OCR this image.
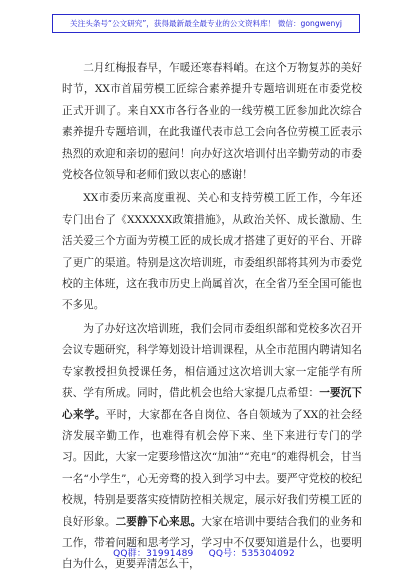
关注头条号“公文研究”，获得最新最全最专业的公文资料库！ 微信：gongwenyj

二月红梅报春早，乍暖还寒春料峭。在这个万物复苏的美好时节，XX市首届劳模工匠综合素养提升专题培训班在市委党校正式开训了。来自XX市各行各业的一线劳模工匠参加此次综合素养提升专题培训，在此我谨代表市总工会向各位劳模工匠表示热烈的欢迎和亲切的慰问！向办好这次培训付出辛勤劳动的市委党校各位领导和老师们致以衷心的感谢！

XX市委历来高度重视、关心和支持劳模工匠工作，今年还专门出台了《XXXXXX政策措施》，从政治关怀、成长激励、生活关爱三个方面为劳模工匠的成长成才搭建了更好的平台、开辟了更广的渠道。特别是这次培训班，市委组织部将其列为市委党校的主体班，这在我市历史上尚属首次，在全省乃至全国可能也不多见。

为了办好这次培训班，我们会同市委组织部和党校多次召开会议专题研究，科学筹划设计培训课程，从全市范围内聘请知名专家教授担负授课任务，相信通过这次培训大家一定能学有所获、学有所成。同时，借此机会也给大家提几点希望：一要沉下心来学。平时，大家都在各自岗位、各自领域为了XX的社会经济发展辛勤工作，也难得有机会停下来、坐下来进行专门的学习。因此，大家一定要珍惜这次“加油”“充电”的难得机会，甘当一名“小学生”，心无旁骛的投入到学习中去。要严守党校的校纪校规，特别是要落实疫情防控相关规定，展示好我们劳模工匠的良好形象。二要静下心来思。大家在培训中要结合我们的业务和工作，带着问题和思考学习，学习中不仅要知道是什么，也要明白为什么，更要弄清怎么干，

QQ群：31991489 QQ号：535304092
